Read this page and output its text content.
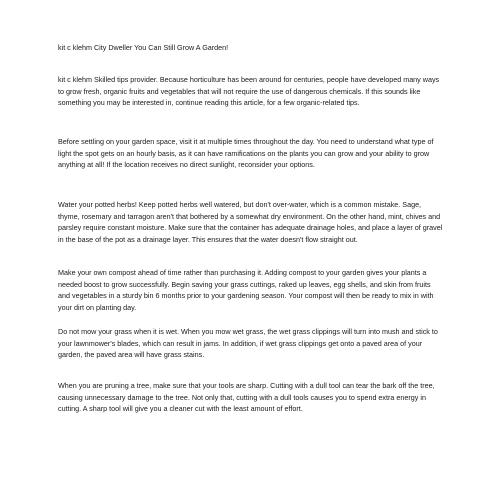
kit c klehm City Dweller You Can Still Grow A Garden!

kit c klehm Skilled tips provider. Because horticulture has been around for centuries, people have developed many ways to grow fresh, organic fruits and vegetables that will not require the use of dangerous chemicals. If this sounds like something you may be interested in, continue reading this article, for a few organic-related tips.

Before settling on your garden space, visit it at multiple times throughout the day. You need to understand what type of light the spot gets on an hourly basis, as it can have ramifications on the plants you can grow and your ability to grow anything at all! If the location receives no direct sunlight, reconsider your options.

Water your potted herbs! Keep potted herbs well watered, but don't over-water, which is a common mistake. Sage, thyme, rosemary and tarragon aren't that bothered by a somewhat dry environment. On the other hand, mint, chives and parsley require constant moisture. Make sure that the container has adequate drainage holes, and place a layer of gravel in the base of the pot as a drainage layer. This ensures that the water doesn't flow straight out.

Make your own compost ahead of time rather than purchasing it. Adding compost to your garden gives your plants a needed boost to grow successfully. Begin saving your grass cuttings, raked up leaves, egg shells, and skin from fruits and vegetables in a sturdy bin 6 months prior to your gardening season. Your compost will then be ready to mix in with your dirt on planting day.

Do not mow your grass when it is wet. When you mow wet grass, the wet grass clippings will turn into mush and stick to your lawnmower's blades, which can result in jams. In addition, if wet grass clippings get onto a paved area of your garden, the paved area will have grass stains.

When you are pruning a tree, make sure that your tools are sharp. Cutting with a dull tool can tear the bark off the tree, causing unnecessary damage to the tree. Not only that, cutting with a dull tools causes you to spend extra energy in cutting. A sharp tool will give you a cleaner cut with the least amount of effort.
